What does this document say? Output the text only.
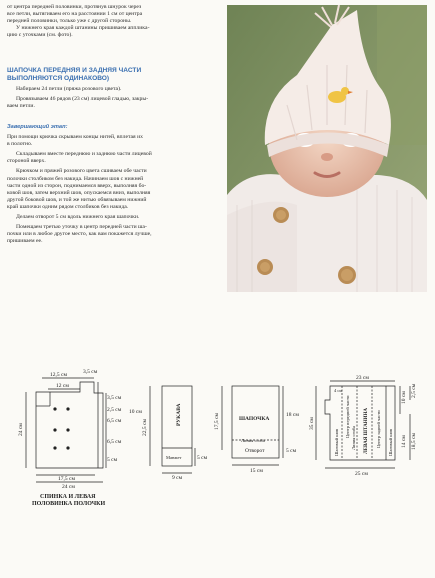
от центра передней половинки, протянув шнурок через

все петли, вытягиваем его на расстоянии 1 см от центра

передней половинки, только уже с другой стороны.

У нижнего края каждой штанины пришиваем аппликa-

цию с уточками (см. фото).

ШАПОЧКА ПЕРЕДНЯЯ И ЗАДНЯЯ ЧАСТИ
ВЫПОЛНЯЮТСЯ ОДИНАКОВО)

Набираем 24 петли (пряжа розового цвета).

Провязываем 46 рядов (23 см) лицевой гладью, закры-

ваем петли.

Завершающий этап:

При помощи крючка скрываем концы нитей, вплетая их

в полотно.

Складываем вместе переднюю и заднюю части лицевой

стороной вверх.

Крючком и пряжей розового цвета сшиваем обе части

полочки столбиком без накида. Начинаем шов с нижней

части одной из сторон, поднимаемся вверх, выполняя бо-

ковой шов, затем верхний шов, опускаемся вниз, выполняя

другой боковой шов, и той же нитью обвязываем нижний

край шапочки одним рядом столбиков без накида.

Делаем отворот 5 см вдоль нижнего края шапочки.

Помещаем третью уточку в центр передней части ша-

почки или в любое другое место, как вам покажется лучше,

пришиваем ее.

12,5 см	3,5 см
12 см
24 см
3,5 см
2,5 см
6,5 см
6,5 см
5 см
10 см
17,5 см
24 см
СПИНКА И ЛЕВАЯ
ПОЛОВИНКА ПОЛОЧКИ
РУКАВА
22,5 см
Манжет	5 см
9 см
ШАПОЧКА
17,5 см
Линия сгиба
Отворот
18 см
5 см
15 см
23 см
35 см
4 см
10 см 2,5 см
18,5 см
14 см
25 см
Шаговый шов
Центр передней части Линия сгиба ЛЕВАЯ ШТАНИНА Центр задней части Шаговый шов
